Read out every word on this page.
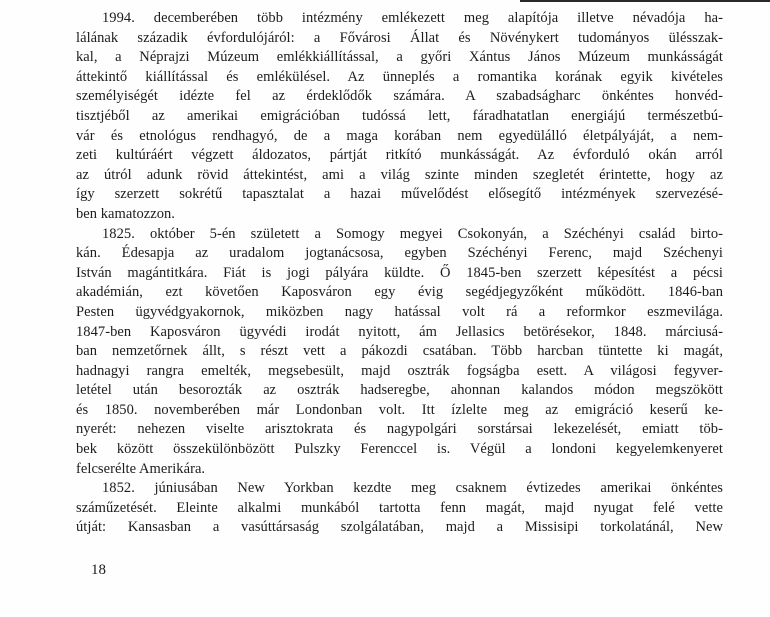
1994. decemberében több intézmény emlékezett meg alapítója illetve névadója ha-
lálának századik évfordulójáról: a Fővárosi Állat és Növénykert tudományos ülésszak-
kal, a Néprajzi Múzeum emlékkiállítással, a győri Xántus János Múzeum munkásságát
áttekintő kiállítással és emlékülésel. Az ünneplés a romantika korának egyik kivételes
személyiségét idézte fel az érdeklődők számára. A szabadságharc önkéntes honvéd-
tisztjéből az amerikai emigrációban tudóssá lett, fáradhatatlan energiájú természetbú-
vár és etnológus rendhagyó, de a maga korában nem egyedülálló életpályáját, a nem-
zeti kultúráért végzett áldozatos, pártját ritkító munkásságát. Az évforduló okán arról
az útról adunk rövid áttekintést, ami a világ szinte minden szegletét érintette, hogy az
így szerzett sokrétű tapasztalat a hazai művelődést elősegítő intézmények szervezésé-
ben kamatozzon.
1825. október 5-én született a Somogy megyei Csokonyán, a Széchényi család birto-
kán. Édesapja az uradalom jogtanácsosa, egyben Széchényi Ferenc, majd Széchenyi
István magántitkára. Fiát is jogi pályára küldte. Ő 1845-ben szerzett képesítést a pécsi
akadémián, ezt követően Kaposváron egy évig segédjegyzőként működött. 1846-ban
Pesten ügyvédgyakornok, miközben nagy hatással volt rá a reformkor eszmevilága.
1847-ben Kaposváron ügyvédi irodát nyitott, ám Jellasics betörésekor, 1848. márciusá-
ban nemzetőrnek állt, s részt vett a pákozdi csatában. Több harcban tüntette ki magát,
hadnagyi rangra emelték, megsebesült, majd osztrák fogságba esett. A világosi fegyver-
letétel után besorozták az osztrák hadseregbe, ahonnan kalandos módon megszökött
és 1850. novemberében már Londonban volt. Itt ízlelte meg az emigráció keserű ke-
nyerét: nehezen viselte arisztokrata és nagypolgári sorstársai lekezelését, emiatt töb-
bek között összekülönbözött Pulszky Ferenccel is. Végül a londoni kegyelemkenyeret
felcserélte Amerikára.
1852. júniusában New Yorkban kezdte meg csaknem évtizedes amerikai önkéntes
száműzetését. Eleinte alkalmi munkából tartotta fenn magát, majd nyugat felé vette
útját: Kansasban a vasúttársaság szolgálatában, majd a Missisipi torkolatánál, New
18
